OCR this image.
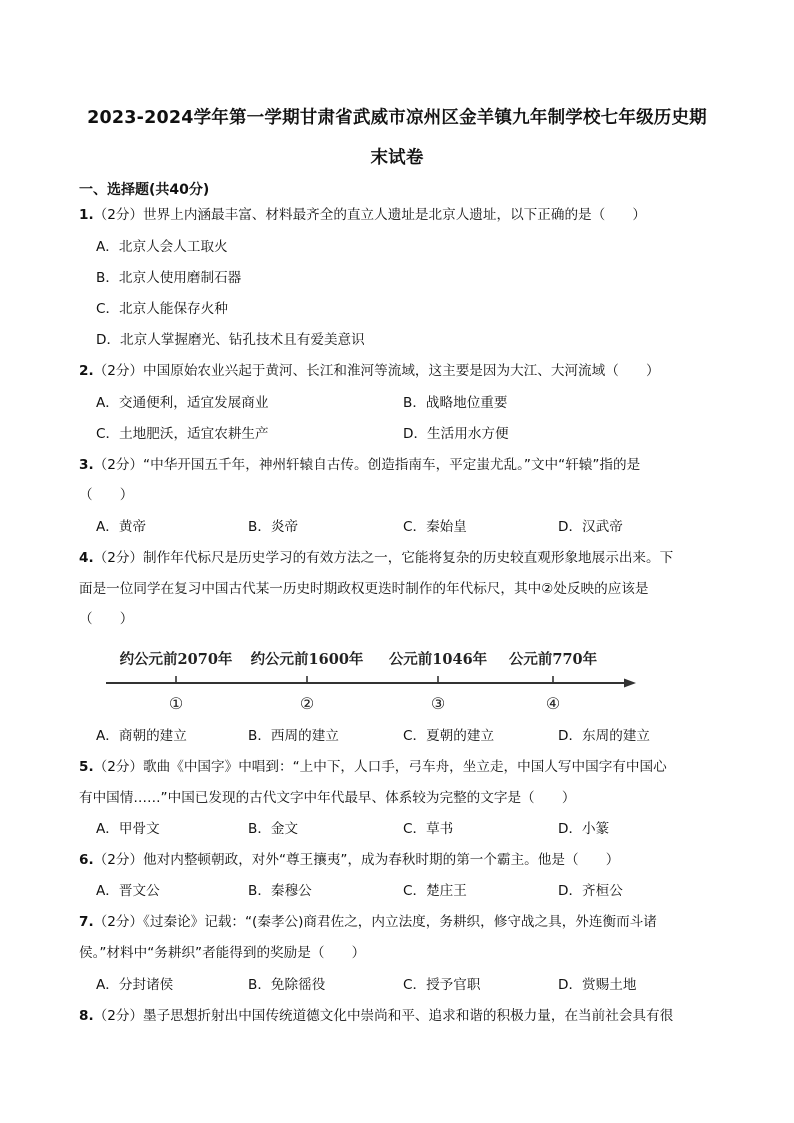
2023-2024学年第一学期甘肃省武威市凉州区金羊镇九年制学校七年级历史期
末试卷
一、选择题(共40分)
1.（2分）世界上内涵最丰富、材料最齐全的直立人遗址是北京人遗址，以下正确的是（　　）
A．北京人会人工取火
B．北京人使用磨制石器
C．北京人能保存火种
D．北京人掌握磨光、钻孔技术且有爱美意识
2.（2分）中国原始农业兴起于黄河、长江和淮河等流域，这主要是因为大江、大河流域（　　）
A．交通便利，适宜发展商业	B．战略地位重要
C．土地肥沃，适宜农耕生产	D．生活用水方便
3.（2分）“中华开国五千年，神州轩辕自古传。创造指南车，平定蚩尤乱。”文中“轩辕”指的是
（　　）
A．黄帝	B．炎帝	C．秦始皇	D．汉武帝
4.（2分）制作年代标尺是历史学习的有效方法之一，它能将复杂的历史较直观形象地展示出来。下
面是一位同学在复习中国古代某一历史时期政权更迭时制作的年代标尺，其中②处反映的应该是
（　　）
约公元前2070年 约公元前1600年 公元前1046年 公元前770年
①	②	③	④
A．商朝的建立	B．西周的建立	C．夏朝的建立	D．东周的建立
5.（2分）歌曲《中国字》中唱到：“上中下，人口手，弓车舟，坐立走，中国人写中国字有中国心
有中国情……”中国已发现的古代文字中年代最早、体系较为完整的文字是（　　）
A．甲骨文	B．金文	C．草书	D．小篆
6.（2分）他对内整顿朝政，对外“尊王攘夷”，成为春秋时期的第一个霸主。他是（　　）
A．晋文公	B．秦穆公	C．楚庄王	D．齐桓公
7.（2分）《过秦论》记载：“(秦孝公)商君佐之，内立法度，务耕织，修守战之具，外连衡而斗诸
侯。”材料中“务耕织”者能得到的奖励是（　　）
A．分封诸侯	B．免除徭役	C．授予官职	D．赏赐土地
8.（2分）墨子思想折射出中国传统道德文化中崇尚和平、追求和谐的积极力量，在当前社会具有很
